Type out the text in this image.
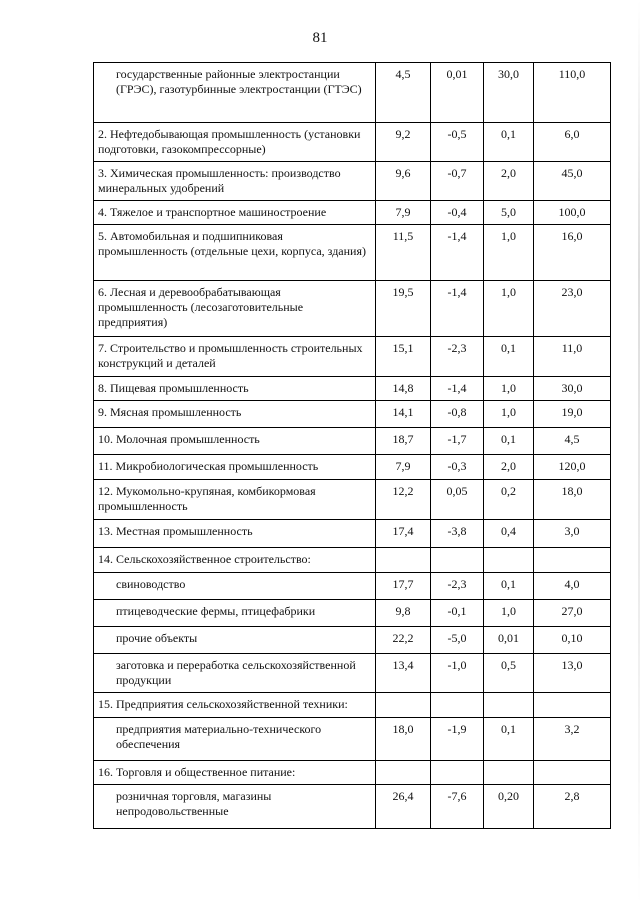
81
государственные районные электростанции (ГРЭС), газотурбинные электростанции (ГТЭС)	4,5	0,01	30,0	110,0
2. Нефтедобывающая промышленность (установки подготовки, газокомпрессорные)	9,2	-0,5	0,1	6,0
3. Химическая промышленность: производство минеральных удобрений	9,6	-0,7	2,0	45,0
4. Тяжелое и транспортное машиностроение	7,9	-0,4	5,0	100,0
5. Автомобильная и подшипниковая промышленность (отдельные цехи, корпуса, здания)	11,5	-1,4	1,0	16,0
6. Лесная и деревообрабатывающая промышленность (лесозаготовительные предприятия)	19,5	-1,4	1,0	23,0
7. Строительство и промышленность строительных конструкций и деталей	15,1	-2,3	0,1	11,0
8. Пищевая промышленность	14,8	-1,4	1,0	30,0
9. Мясная промышленность	14,1	-0,8	1,0	19,0
10. Молочная промышленность	18,7	-1,7	0,1	4,5
11. Микробиологическая промышленность	7,9	-0,3	2,0	120,0
12. Мукомольно-крупяная, комбикормовая промышленность	12,2	0,05	0,2	18,0
13. Местная промышленность	17,4	-3,8	0,4	3,0
14. Сельскохозяйственное строительство:				
свиноводство	17,7	-2,3	0,1	4,0
птицеводческие фермы, птицефабрики	9,8	-0,1	1,0	27,0
прочие объекты	22,2	-5,0	0,01	0,10
заготовка и переработка сельскохозяйственной продукции	13,4	-1,0	0,5	13,0
15. Предприятия сельскохозяйственной техники:				
предприятия материально-технического обеспечения	18,0	-1,9	0,1	3,2
16. Торговля и общественное питание:				
розничная торговля, магазины непродовольственные	26,4	-7,6	0,20	2,8
